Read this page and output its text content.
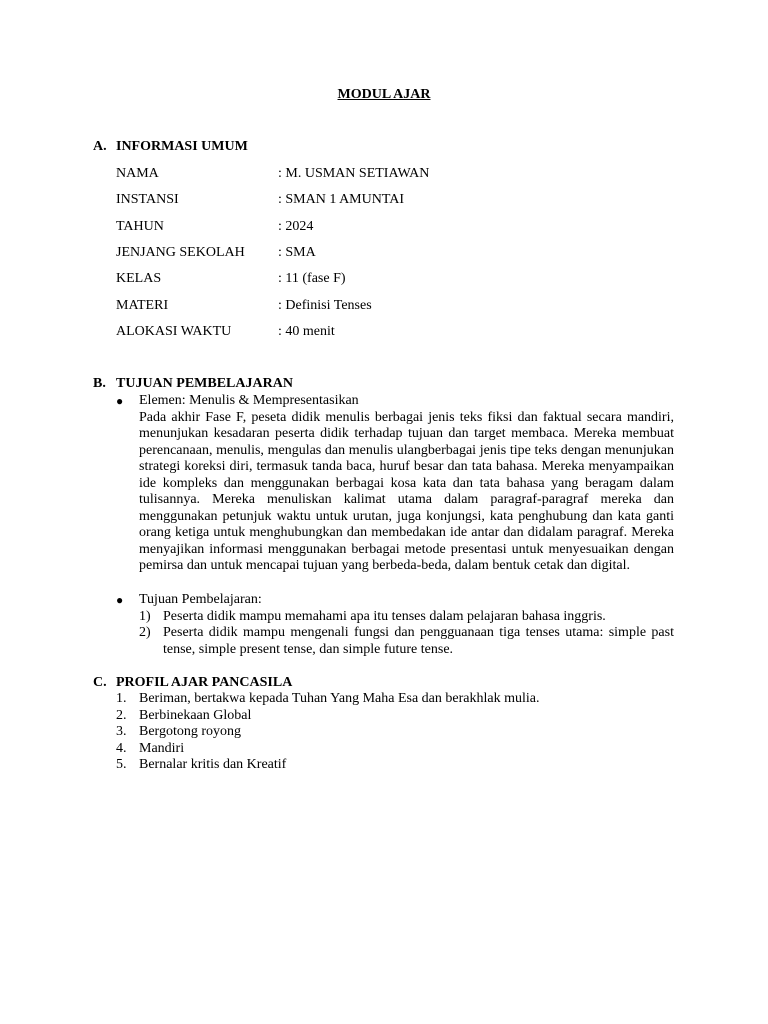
MODUL AJAR
A. INFORMASI UMUM
NAMA	: M. USMAN SETIAWAN
INSTANSI	: SMAN 1 AMUNTAI
TAHUN	: 2024
JENJANG SEKOLAH : SMA
KELAS	: 11 (fase F)
MATERI	: Definisi Tenses
ALOKASI WAKTU	: 40 menit
B. TUJUAN PEMBELAJARAN
● Elemen: Menulis & Mempresentasikan
Pada akhir Fase F, peseta didik menulis berbagai jenis teks fiksi dan faktual secara mandiri, menunjukan kesadaran peserta didik terhadap tujuan dan target membaca. Mereka membuat perencanaan, menulis, mengulas dan menulis ulangberbagai jenis tipe teks dengan menunjukan strategi koreksi diri, termasuk tanda baca, huruf besar dan tata bahasa. Mereka menyampaikan ide kompleks dan menggunakan berbagai kosa kata dan tata bahasa yang beragam dalam tulisannya. Mereka menuliskan kalimat utama dalam paragraf-paragraf mereka dan menggunakan petunjuk waktu untuk urutan, juga konjungsi, kata penghubung dan kata ganti orang ketiga untuk menghubungkan dan membedakan ide antar dan didalam paragraf. Mereka menyajikan informasi menggunakan berbagai metode presentasi untuk menyesuaikan dengan pemirsa dan untuk mencapai tujuan yang berbeda-beda, dalam bentuk cetak dan digital.
● Tujuan Pembelajaran:
1) Peserta didik mampu memahami apa itu tenses dalam pelajaran bahasa inggris.
2) Peserta didik mampu mengenali fungsi dan pengguanaan tiga tenses utama: simple past tense, simple present tense, dan simple future tense.
C. PROFIL AJAR PANCASILA
1. Beriman, bertakwa kepada Tuhan Yang Maha Esa dan berakhlak mulia.
2. Berbinekaan Global
3. Bergotong royong
4. Mandiri
5. Bernalar kritis dan Kreatif
